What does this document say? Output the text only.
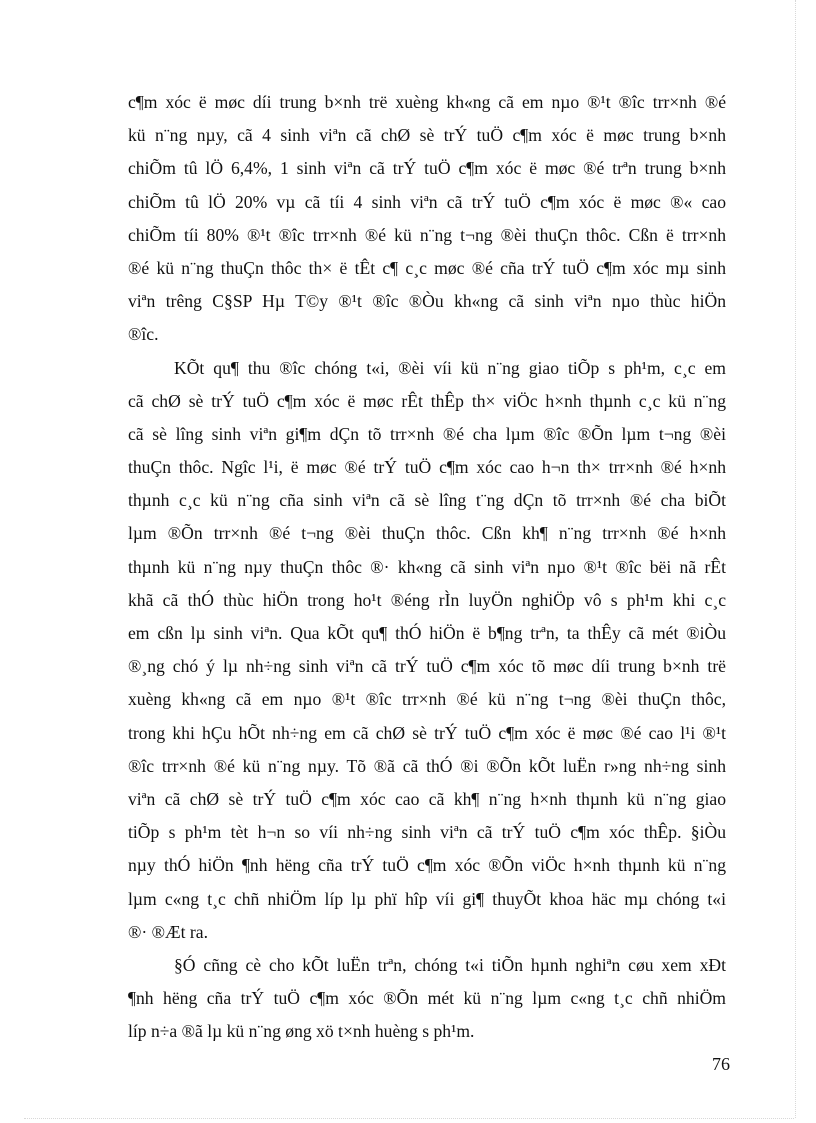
c¶m xóc ë møc díi trung b×nh trë xuèng kh«ng cã em nµo ®¹t ®îc trr×nh ®é
kü n¨ng nµy, cã 4 sinh viªn cã chØ sè trÝ tuÖ c¶m xóc ë møc trung b×nh
chiÕm tû lÖ 6,4%, 1 sinh viªn cã trÝ tuÖ c¶m xóc ë møc ®é trªn trung b×nh
chiÕm tû lÖ 20% vµ cã tíi 4 sinh viªn cã trÝ tuÖ c¶m xóc ë møc ®« cao
chiÕm tíi 80% ®¹t ®îc trr×nh ®é kü n¨ng t¬ng ®èi thuÇn thôc. Cßn ë trr×nh
®é kü n¨ng thuÇn thôc th× ë tÊt c¶ c¸c møc ®é cña trÝ tuÖ c¶m xóc mµ sinh
viªn trêng C§SP Hµ T©y ®¹t ®îc ®Òu kh«ng cã sinh viªn nµo thùc hiÖn
®îc.
KÕt qu¶ thu ®îc chóng t«i, ®èi víi kü n¨ng giao tiÕp s ph¹m, c¸c em
cã chØ sè trÝ tuÖ c¶m xóc ë møc rÊt thÊp th× viÖc h×nh thµnh c¸c kü n¨ng
cã sè lîng sinh viªn gi¶m dÇn tõ trr×nh ®é cha lµm ®îc ®Õn lµm t¬ng ®èi
thuÇn thôc. Ngîc l¹i, ë møc ®é trÝ tuÖ c¶m xóc cao h¬n th× trr×nh ®é h×nh
thµnh c¸c kü n¨ng cña sinh viªn cã sè lîng t¨ng dÇn tõ trr×nh ®é cha biÕt
lµm ®Õn trr×nh ®é t¬ng ®èi thuÇn thôc. Cßn kh¶ n¨ng trr×nh ®é h×nh
thµnh kü n¨ng nµy thuÇn thôc ®· kh«ng cã sinh viªn nµo ®¹t ®îc bëi nã rÊt
khã cã thÓ thùc hiÖn trong ho¹t ®éng rÌn luyÖn nghiÖp vô s ph¹m khi c¸c
em cßn lµ sinh viªn. Qua kÕt qu¶ thÓ hiÖn ë b¶ng trªn, ta thÊy cã mét ®iÒu
®¸ng chó ý lµ nh÷ng sinh viªn cã trÝ tuÖ c¶m xóc tõ møc díi trung b×nh trë
xuèng kh«ng cã em nµo ®¹t ®îc trr×nh ®é kü n¨ng t¬ng ®èi thuÇn thôc,
trong khi hÇu hÕt nh÷ng em cã chØ sè trÝ tuÖ c¶m xóc ë møc ®é cao l¹i ®¹t
®îc trr×nh ®é kü n¨ng nµy. Tõ ®ã cã thÓ ®i ®Õn kÕt luËn r»ng nh÷ng sinh
viªn cã chØ sè trÝ tuÖ c¶m xóc cao cã kh¶ n¨ng h×nh thµnh kü n¨ng giao
tiÕp s ph¹m tèt h¬n so víi nh÷ng sinh viªn cã trÝ tuÖ c¶m xóc thÊp. §iÒu
nµy thÓ hiÖn ¶nh hëng cña trÝ tuÖ c¶m xóc ®Õn viÖc h×nh thµnh kü n¨ng
lµm c«ng t¸c chñ nhiÖm líp lµ phï hîp víi gi¶ thuyÕt khoa häc mµ chóng t«i
®· ®Æt ra.
§Ó cñng cè cho kÕt luËn trªn, chóng t«i tiÕn hµnh nghiªn cøu xem xÐt
¶nh hëng cña trÝ tuÖ c¶m xóc ®Õn mét kü n¨ng lµm c«ng t¸c chñ nhiÖm
líp n÷a ®ã lµ kü n¨ng øng xö t×nh huèng s ph¹m.
76
